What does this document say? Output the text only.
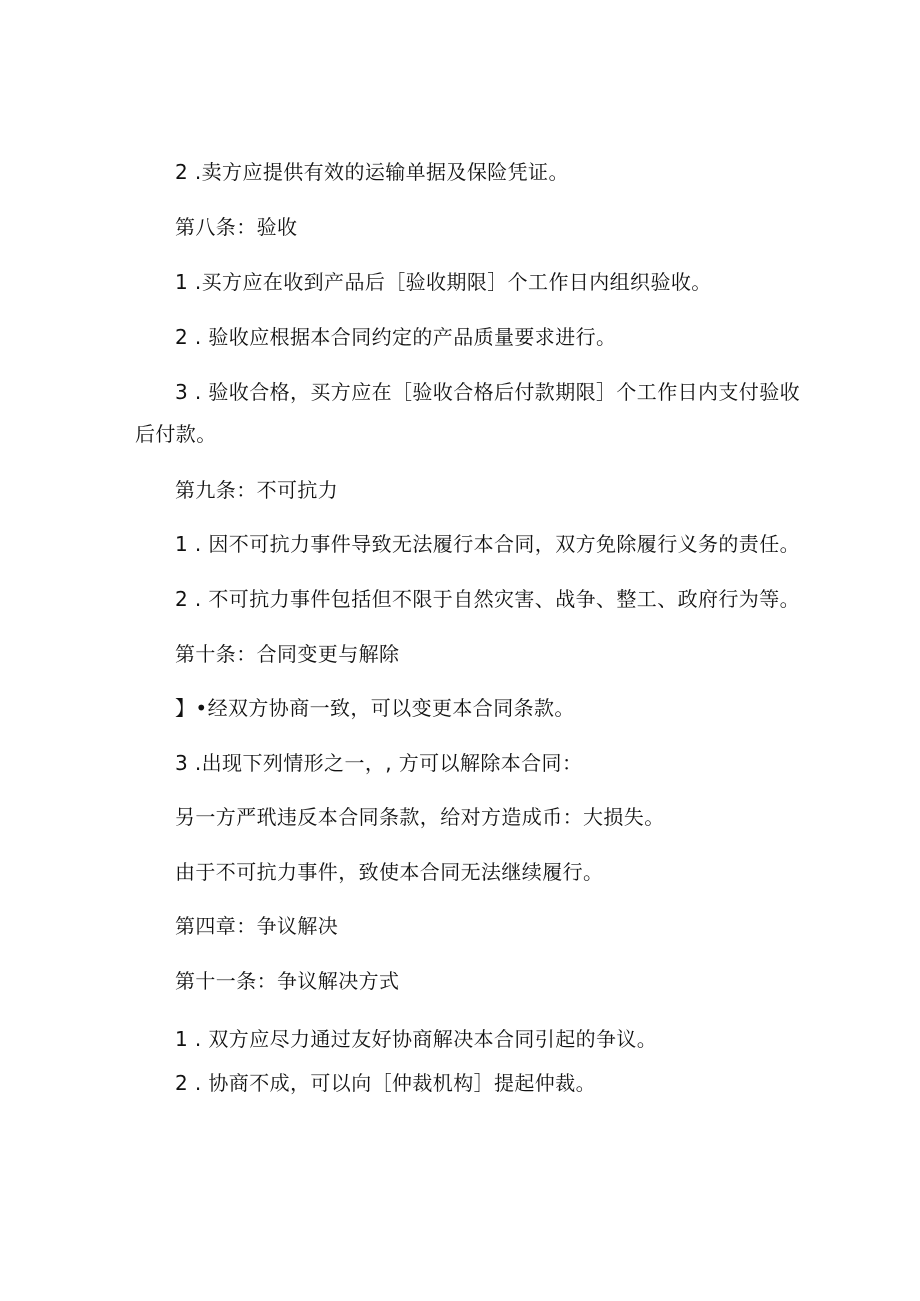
2 .卖方应提供有效的运输单据及保险凭证。
第八条：验收
1 .买方应在收到产品后［验收期限］个工作日内组织验收。
2 . 验收应根据本合同约定的产品质量要求进行。
3 . 验收合格，买方应在［验收合格后付款期限］个工作日内支付验收
后付款。
第九条：不可抗力
1 . 因不可抗力事件导致无法履行本合同，双方免除履行义务的责任。
2 . 不可抗力事件包括但不限于自然灾害、战争、整工、政府行为等。
第十条：合同变更与解除
】•经双方协商一致，可以变更本合同条款。
3 .出现下列情形之一，, 方可以解除本合同：
另一方严玳违反本合同条款，给对方造成币：大损失。
由于不可抗力事件，致使本合同无法继续履行。
第四章：争议解决
第十一条：争议解决方式
1 . 双方应尽力通过友好协商解决本合同引起的争议。
2 . 协商不成，可以向［仲裁机构］提起仲裁。
